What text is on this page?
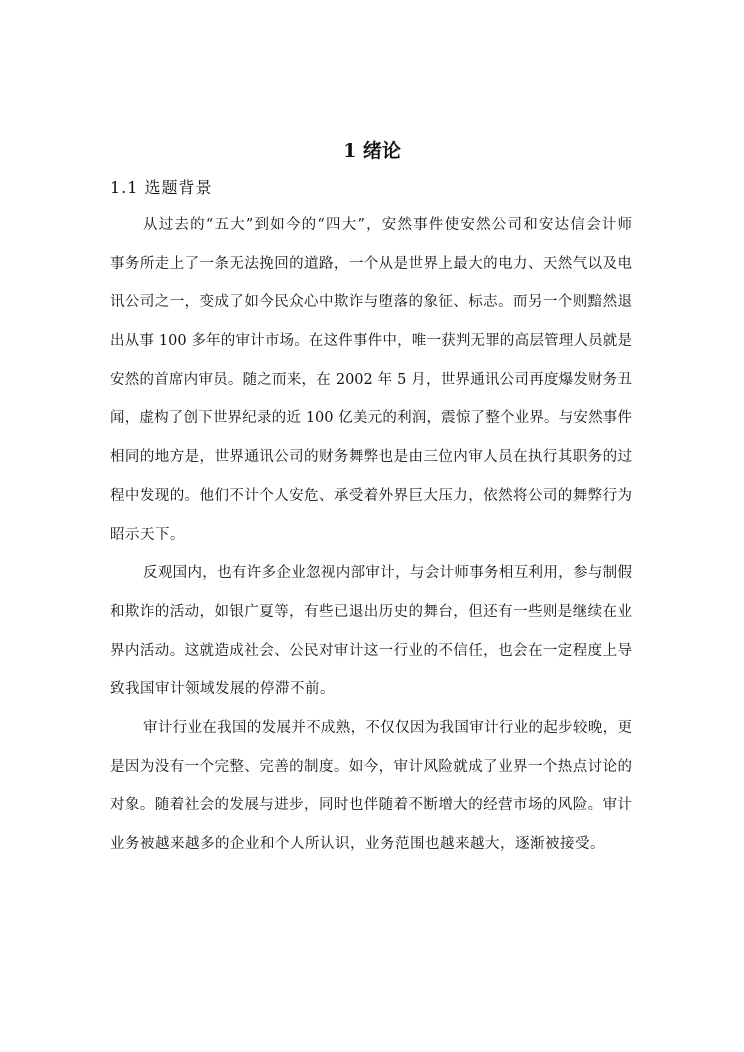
1 绪论
1.1 选题背景
从过去的“五大”到如今的“四大”，安然事件使安然公司和安达信会计师
事务所走上了一条无法挽回的道路，一个从是世界上最大的电力、天然气以及电
讯公司之一，变成了如今民众心中欺诈与堕落的象征、标志。而另一个则黯然退
出从事 100 多年的审计市场。在这件事件中，唯一获判无罪的高层管理人员就是
安然的首席内审员。随之而来，在 2002 年 5 月，世界通讯公司再度爆发财务丑
闻，虚构了创下世界纪录的近 100 亿美元的利润，震惊了整个业界。与安然事件
相同的地方是，世界通讯公司的财务舞弊也是由三位内审人员在执行其职务的过
程中发现的。他们不计个人安危、承受着外界巨大压力，依然将公司的舞弊行为
昭示天下。
反观国内，也有许多企业忽视内部审计，与会计师事务相互利用，参与制假
和欺诈的活动，如银广夏等，有些已退出历史的舞台，但还有一些则是继续在业
界内活动。这就造成社会、公民对审计这一行业的不信任，也会在一定程度上导
致我国审计领域发展的停滞不前。
审计行业在我国的发展并不成熟，不仅仅因为我国审计行业的起步较晚，更
是因为没有一个完整、完善的制度。如今，审计风险就成了业界一个热点讨论的
对象。随着社会的发展与进步，同时也伴随着不断增大的经营市场的风险。审计
业务被越来越多的企业和个人所认识，业务范围也越来越大，逐渐被接受。
